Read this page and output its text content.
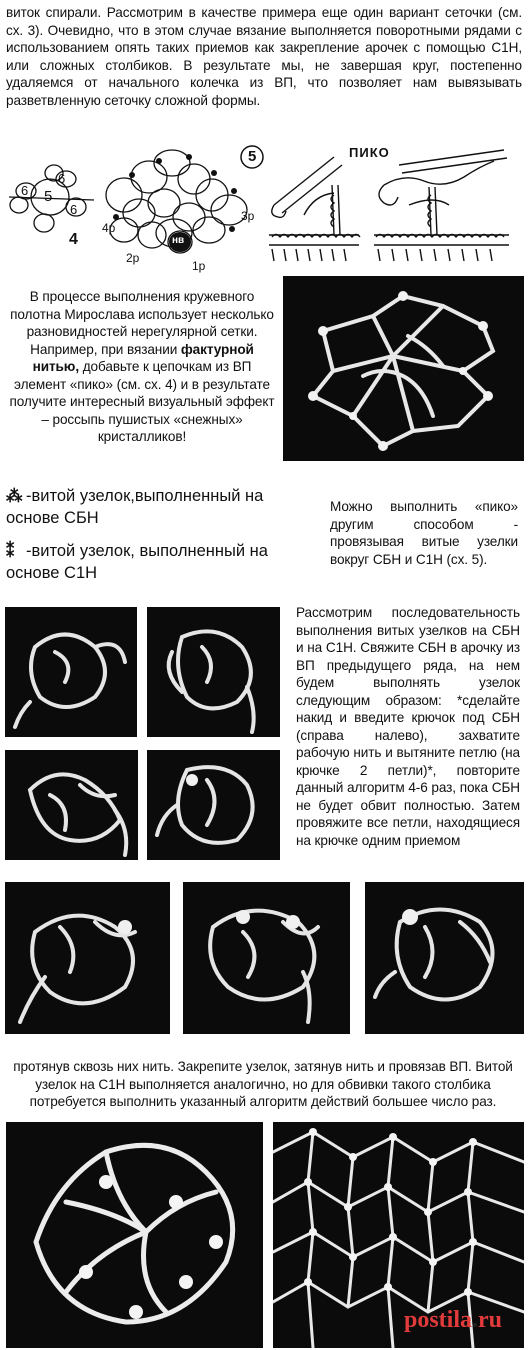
виток спирали. Рассмотрим в качестве примера еще один вариант сеточки (см. сх. 3). Очевидно, что в этом случае вязание выполняется поворотными рядами с использованием опять таких приемов как закрепление арочек с помощью С1Н, или сложных столбиков. В результате мы, не завершая круг, постепенно удаляемся от начального колечка из ВП, что позволяет нам вывязывать разветвленную сеточку сложной формы.
6
6
6
5
4	нв
1р
2р
3р
4р
5	ПИКО
В процессе выполнения кружевного полотна Мирослава использует несколько разновидностей нерегулярной сетки. Например, при вязании фактурной нитью, добавьте к цепочкам из ВП элемент «пико» (см. сх. 4) и в результате получите интересный визуальный эффект – россыпь пушистых «снежных» кристалликов!
⁂ -витой узелок,выполненный на основе СБН
⁑ -витой узелок, выполненный на основе С1Н
Можно выполнить «пико» другим способом - провязывая витые узелки вокруг СБН и С1Н (сх. 5).
Рассмотрим последовательность выполнения витых узелков на СБН и на С1Н. Свяжите СБН в арочку из ВП предыдущего ряда, на нем будем выполнять узелок следующим образом: *сделайте накид и введите крючок под СБН (справа налево), захватите рабочую нить и вытяните петлю (на крючке 2 петли)*, повторите данный алгоритм 4-6 раз, пока СБН не будет обвит полностью. Затем провяжите все петли, находящиеся на крючке одним приемом
протянув сквозь них нить. Закрепите узелок, затянув нить и провязав ВП. Витой узелок на С1Н выполняется аналогично, но для обвивки такого столбика потребуется выполнить указанный алгоритм действий большее число раз.
postila.ru
